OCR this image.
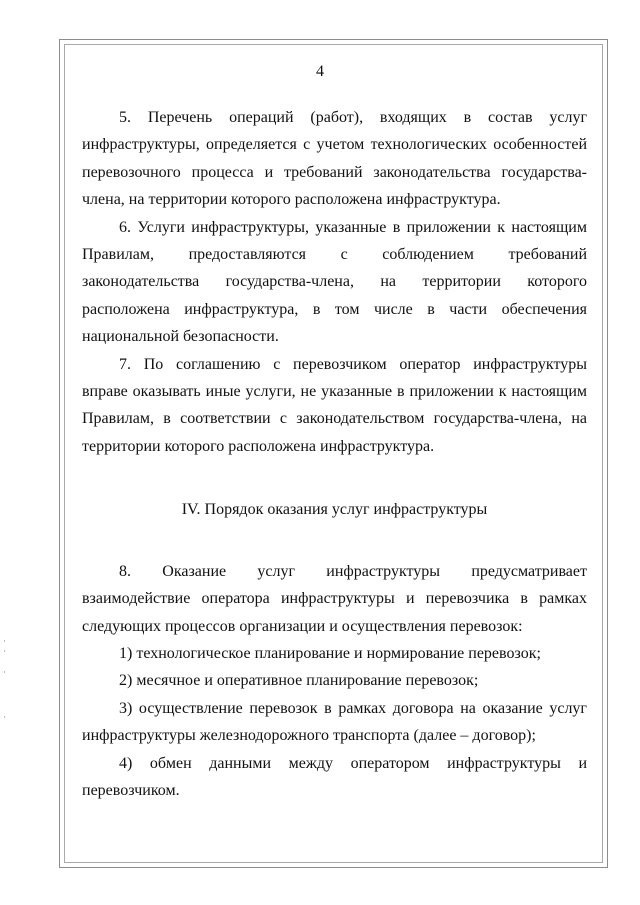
4

5. Перечень операций (работ), входящих в состав услуг

инфраструктуры, определяется с учетом технологических особенностей

перевозочного процесса и требований законодательства государства-

члена, на территории которого расположена инфраструктура.

6. Услуги инфраструктуры, указанные в приложении к настоящим

Правилам, предоставляются с соблюдением требований

законодательства государства-члена, на территории которого

расположена инфраструктура, в том числе в части обеспечения

национальной безопасности.

7. По соглашению с перевозчиком оператор инфраструктуры

вправе оказывать иные услуги, не указанные в приложении к настоящим

Правилам, в соответствии с законодательством государства-члена, на

территории которого расположена инфраструктура.

IV. Порядок оказания услуг инфраструктуры

8. Оказание услуг инфраструктуры предусматривает

взаимодействие оператора инфраструктуры и перевозчика в рамках

следующих процессов организации и осуществления перевозок:

1) технологическое планирование и нормирование перевозок;

2) месячное и оперативное планирование перевозок;

3) осуществление перевозок в рамках договора на оказание услуг

инфраструктуры железнодорожного транспорта (далее – договор);

4) обмен данными между оператором инфраструктуры и

перевозчиком.
